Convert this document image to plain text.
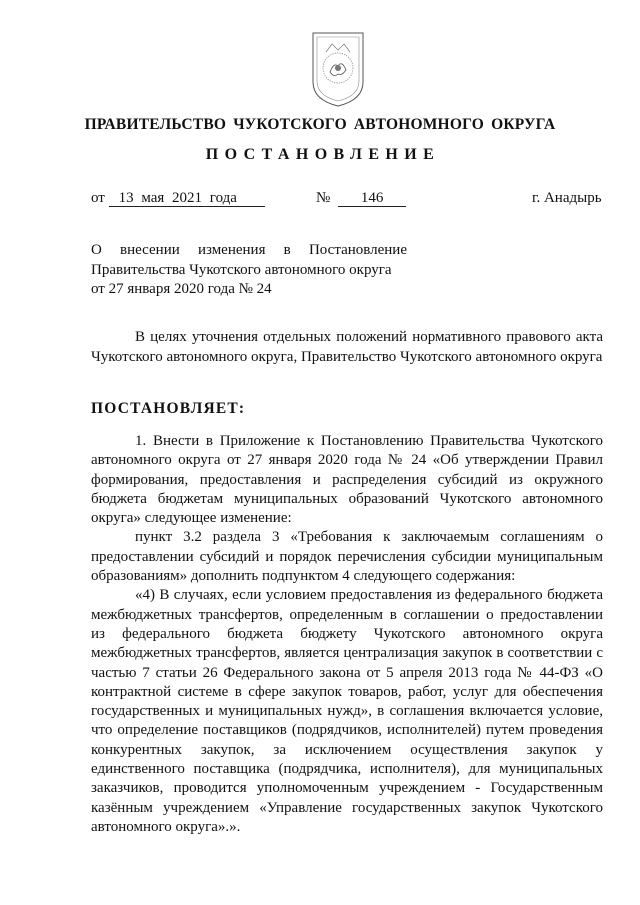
ПРАВИТЕЛЬСТВО ЧУКОТСКОГО АВТОНОМНОГО ОКРУГА
ПОСТАНОВЛЕНИЕ
от 13 мая 2021 года	№ 146	г. Анадырь
О внесении изменения в Постановление
Правительства Чукотского автономного округа
от 27 января 2020 года № 24
В целях уточнения отдельных положений нормативного правового акта Чукотского автономного округа, Правительство Чукотского автономного округа
ПОСТАНОВЛЯЕТ:

1. Внести в Приложение к Постановлению Правительства Чукотского автономного округа от 27 января 2020 года № 24 «Об утверждении Правил формирования, предоставления и распределения субсидий из окружного бюджета бюджетам муниципальных образований Чукотского автономного округа» следующее изменение:

пункт 3.2 раздела 3 «Требования к заключаемым соглашениям о предоставлении субсидий и порядок перечисления субсидии муниципальным образованиям» дополнить подпунктом 4 следующего содержания:

«4) В случаях, если условием предоставления из федерального бюджета межбюджетных трансфертов, определенным в соглашении о предоставлении из федерального бюджета бюджету Чукотского автономного округа межбюджетных трансфертов, является централизация закупок в соответствии с частью 7 статьи 26 Федерального закона от 5 апреля 2013 года № 44-ФЗ «О контрактной системе в сфере закупок товаров, работ, услуг для обеспечения государственных и муниципальных нужд», в соглашения включается условие, что определение поставщиков (подрядчиков, исполнителей) путем проведения конкурентных закупок, за исключением осуществления закупок у единственного поставщика (подрядчика, исполнителя), для муниципальных заказчиков, проводится уполномоченным учреждением - Государственным казённым учреждением «Управление государственных закупок Чукотского автономного округа».».
